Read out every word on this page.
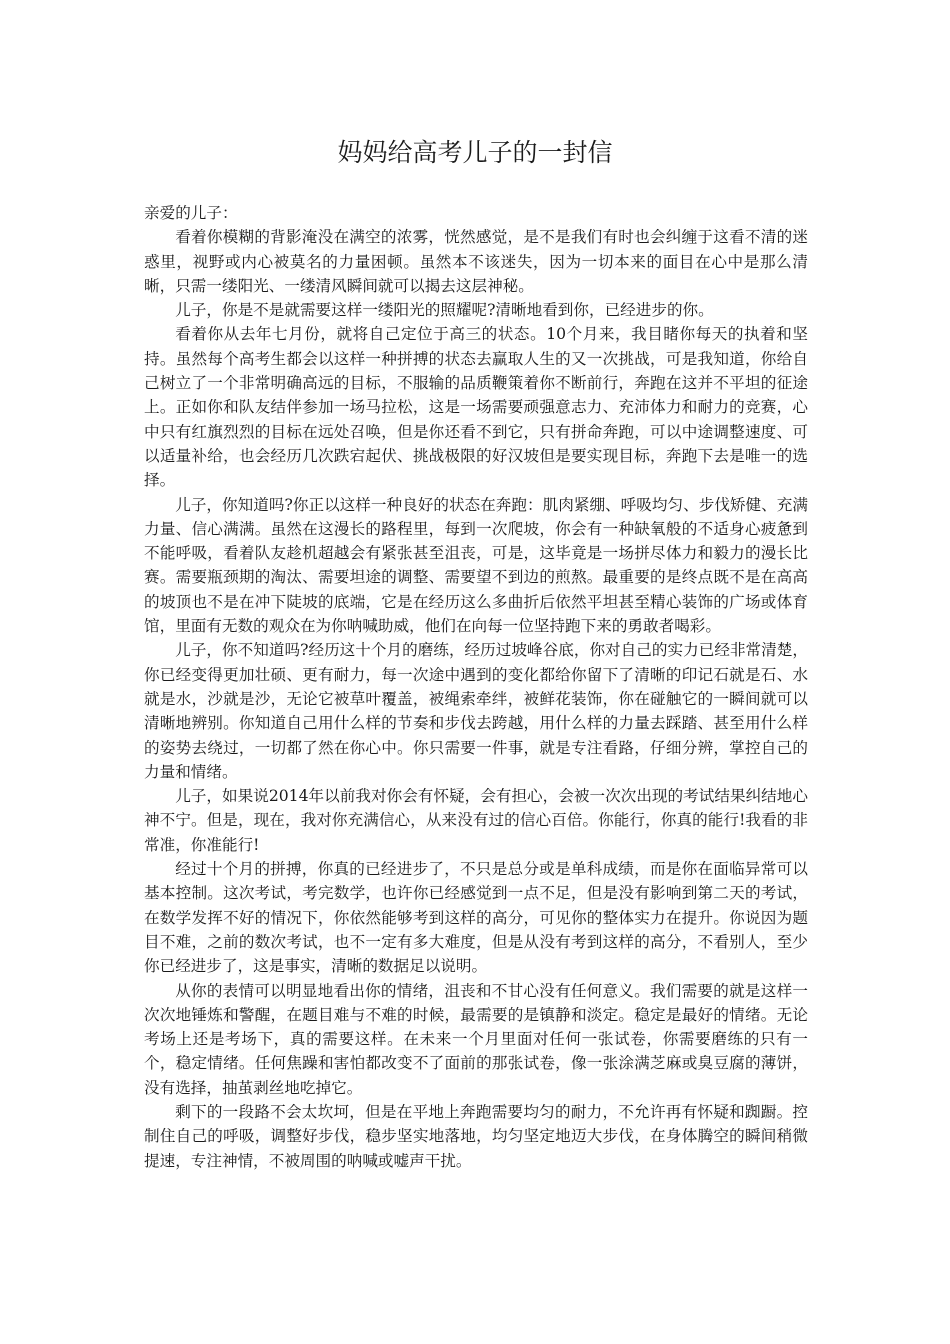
妈妈给高考儿子的一封信

亲爱的儿子：

看着你模糊的背影淹没在满空的浓雾，恍然感觉，是不是我们有时也会纠缠于这看不清的迷惑里，视野或内心被莫名的力量困顿。虽然本不该迷失，因为一切本来的面目在心中是那么清晰，只需一缕阳光、一缕清风瞬间就可以揭去这层神秘。

儿子，你是不是就需要这样一缕阳光的照耀呢?清晰地看到你，已经进步的你。

看着你从去年七月份，就将自己定位于高三的状态。10个月来，我目睹你每天的执着和坚持。虽然每个高考生都会以这样一种拼搏的状态去赢取人生的又一次挑战，可是我知道，你给自己树立了一个非常明确高远的目标，不服输的品质鞭策着你不断前行，奔跑在这并不平坦的征途上。正如你和队友结伴参加一场马拉松，这是一场需要顽强意志力、充沛体力和耐力的竞赛，心中只有红旗烈烈的目标在远处召唤，但是你还看不到它，只有拼命奔跑，可以中途调整速度、可以适量补给，也会经历几次跌宕起伏、挑战极限的好汉坡但是要实现目标，奔跑下去是唯一的选择。

儿子，你知道吗?你正以这样一种良好的状态在奔跑：肌肉紧绷、呼吸均匀、步伐矫健、充满力量、信心满满。虽然在这漫长的路程里，每到一次爬坡，你会有一种缺氧般的不适身心疲惫到不能呼吸，看着队友趁机超越会有紧张甚至沮丧，可是，这毕竟是一场拼尽体力和毅力的漫长比赛。需要瓶颈期的淘汰、需要坦途的调整、需要望不到边的煎熬。最重要的是终点既不是在高高的坡顶也不是在冲下陡坡的底端，它是在经历这么多曲折后依然平坦甚至精心装饰的广场或体育馆，里面有无数的观众在为你呐喊助威，他们在向每一位坚持跑下来的勇敢者喝彩。

儿子，你不知道吗?经历这十个月的磨练，经历过坡峰谷底，你对自己的实力已经非常清楚，你已经变得更加壮硕、更有耐力，每一次途中遇到的变化都给你留下了清晰的印记石就是石、水就是水，沙就是沙，无论它被草叶覆盖，被绳索牵绊，被鲜花装饰，你在碰触它的一瞬间就可以清晰地辨别。你知道自己用什么样的节奏和步伐去跨越，用什么样的力量去踩踏、甚至用什么样的姿势去绕过，一切都了然在你心中。你只需要一件事，就是专注看路，仔细分辨，掌控自己的力量和情绪。

儿子，如果说2014年以前我对你会有怀疑，会有担心，会被一次次出现的考试结果纠结地心神不宁。但是，现在，我对你充满信心，从来没有过的信心百倍。你能行，你真的能行!我看的非常准，你准能行!

经过十个月的拼搏，你真的已经进步了，不只是总分或是单科成绩，而是你在面临异常可以基本控制。这次考试，考完数学，也许你已经感觉到一点不足，但是没有影响到第二天的考试，在数学发挥不好的情况下，你依然能够考到这样的高分，可见你的整体实力在提升。你说因为题目不难，之前的数次考试，也不一定有多大难度，但是从没有考到这样的高分，不看别人，至少你已经进步了，这是事实，清晰的数据足以说明。

从你的表情可以明显地看出你的情绪，沮丧和不甘心没有任何意义。我们需要的就是这样一次次地锤炼和警醒，在题目难与不难的时候，最需要的是镇静和淡定。稳定是最好的情绪。无论考场上还是考场下，真的需要这样。在未来一个月里面对任何一张试卷，你需要磨练的只有一个，稳定情绪。任何焦躁和害怕都改变不了面前的那张试卷，像一张涂满芝麻或臭豆腐的薄饼，没有选择，抽茧剥丝地吃掉它。

剩下的一段路不会太坎坷，但是在平地上奔跑需要均匀的耐力，不允许再有怀疑和踟蹰。控制住自己的呼吸，调整好步伐，稳步坚实地落地，均匀坚定地迈大步伐，在身体腾空的瞬间稍微提速，专注神情，不被周围的呐喊或嘘声干扰。
